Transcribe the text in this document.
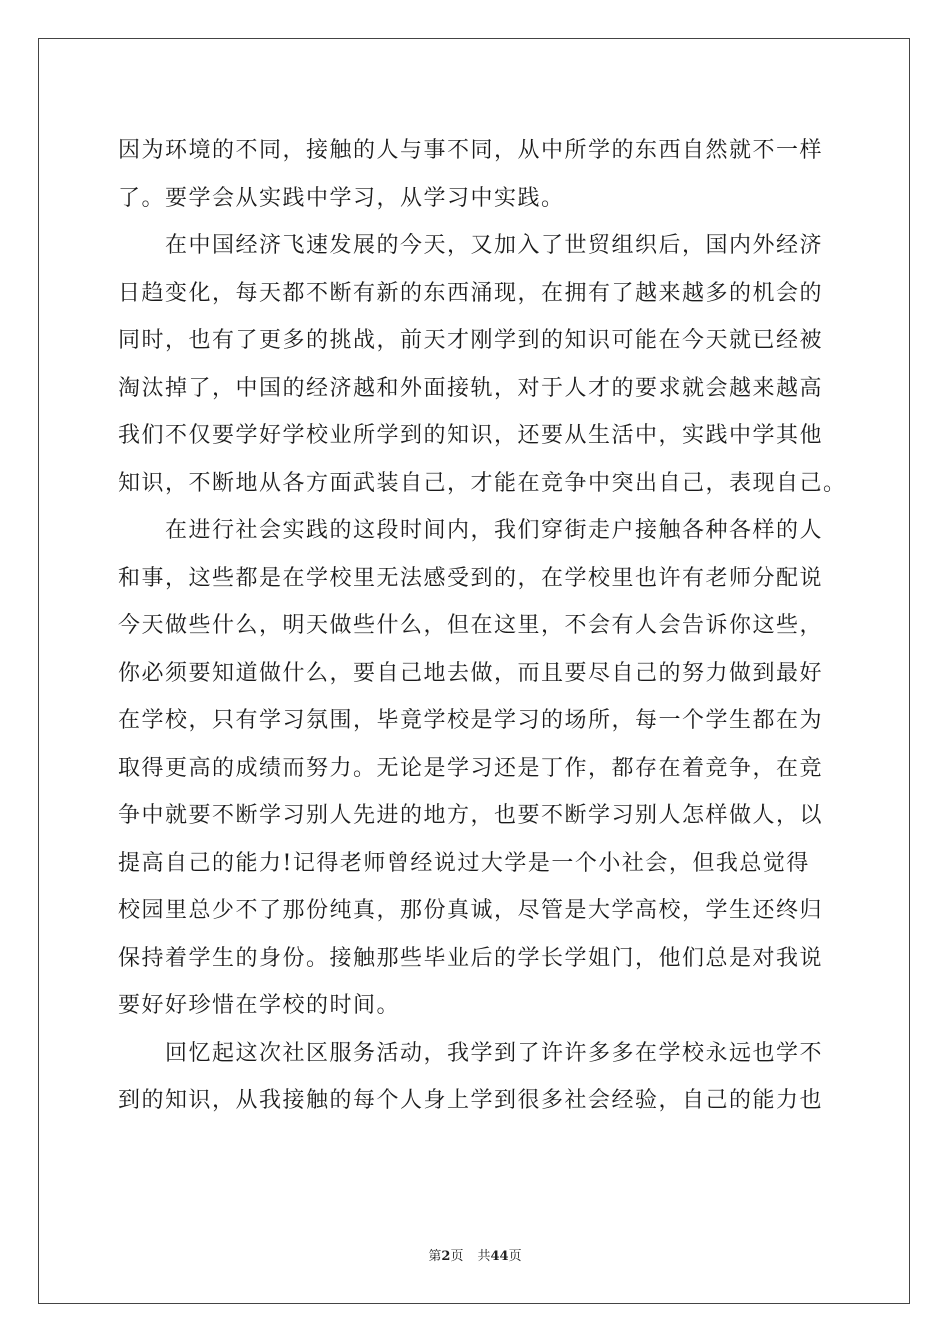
因为环境的不同，接触的人与事不同，从中所学的东西自然就不一样
了。要学会从实践中学习，从学习中实践。
　　在中国经济飞速发展的今天，又加入了世贸组织后，国内外经济
日趋变化，每天都不断有新的东西涌现，在拥有了越来越多的机会的
同时，也有了更多的挑战，前天才刚学到的知识可能在今天就已经被
淘汰掉了，中国的经济越和外面接轨，对于人才的要求就会越来越高
我们不仅要学好学校业所学到的知识，还要从生活中，实践中学其他
知识，不断地从各方面武装自己，才能在竞争中突出自己，表现自己。
　　在进行社会实践的这段时间内，我们穿街走户接触各种各样的人
和事，这些都是在学校里无法感受到的，在学校里也许有老师分配说
今天做些什么，明天做些什么，但在这里，不会有人会告诉你这些，
你必须要知道做什么，要自己地去做，而且要尽自己的努力做到最好
在学校，只有学习氛围，毕竟学校是学习的场所，每一个学生都在为
取得更高的成绩而努力。无论是学习还是丁作，都存在着竞争，在竞
争中就要不断学习别人先进的地方，也要不断学习别人怎样做人，以
提高自己的能力!记得老师曾经说过大学是一个小社会，但我总觉得
校园里总少不了那份纯真，那份真诚，尽管是大学高校，学生还终归
保持着学生的身份。接触那些毕业后的学长学姐门，他们总是对我说
要好好珍惜在学校的时间。
　　回忆起这次社区服务活动，我学到了许许多多在学校永远也学不
到的知识，从我接触的每个人身上学到很多社会经验，自己的能力也
第2页 共44页
